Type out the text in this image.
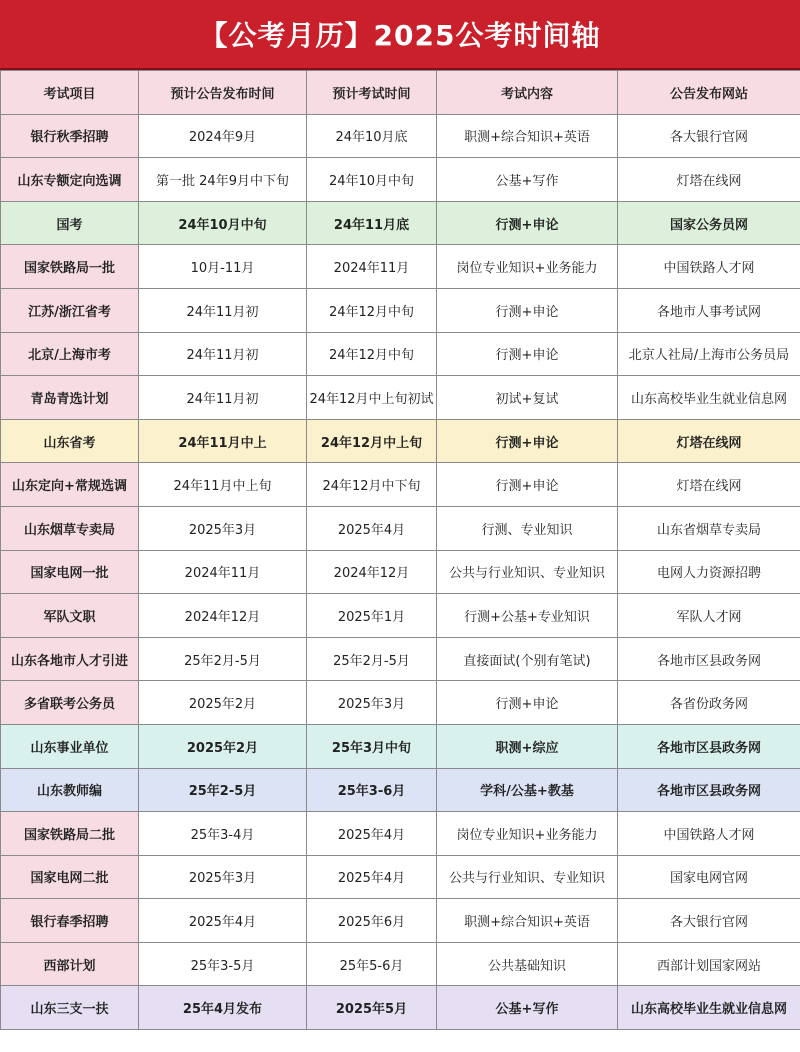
【公考月历】2025公考时间轴
考试项目	预计公告发布时间	预计考试时间	考试内容	公告发布网站
银行秋季招聘	2024年9月	24年10月底	职测+综合知识+英语	各大银行官网
山东专额定向选调	第一批 24年9月中下旬	24年10月中旬	公基+写作	灯塔在线网
国考	24年10月中旬	24年11月底	行测+申论	国家公务员网
国家铁路局一批	10月-11月	2024年11月	岗位专业知识+业务能力	中国铁路人才网
江苏/浙江省考	24年11月初	24年12月中旬	行测+申论	各地市人事考试网
北京/上海市考	24年11月初	24年12月中旬	行测+申论	北京人社局/上海市公务员局
青岛青选计划	24年11月初	24年12月中上旬初试	初试+复试	山东高校毕业生就业信息网
山东省考	24年11月中上	24年12月中上旬	行测+申论	灯塔在线网
山东定向+常规选调	24年11月中上旬	24年12月中下旬	行测+申论	灯塔在线网
山东烟草专卖局	2025年3月	2025年4月	行测、专业知识	山东省烟草专卖局
国家电网一批	2024年11月	2024年12月	公共与行业知识、专业知识	电网人力资源招聘
军队文职	2024年12月	2025年1月	行测+公基+专业知识	军队人才网
山东各地市人才引进	25年2月-5月	25年2月-5月	直接面试(个别有笔试)	各地市区县政务网
多省联考公务员	2025年2月	2025年3月	行测+申论	各省份政务网
山东事业单位	2025年2月	25年3月中旬	职测+综应	各地市区县政务网
山东教师编	25年2-5月	25年3-6月	学科/公基+教基	各地市区县政务网
国家铁路局二批	25年3-4月	2025年4月	岗位专业知识+业务能力	中国铁路人才网
国家电网二批	2025年3月	2025年4月	公共与行业知识、专业知识	国家电网官网
银行春季招聘	2025年4月	2025年6月	职测+综合知识+英语	各大银行官网
西部计划	25年3-5月	25年5-6月	公共基础知识	西部计划国家网站
山东三支一扶	25年4月发布	2025年5月	公基+写作	山东高校毕业生就业信息网
